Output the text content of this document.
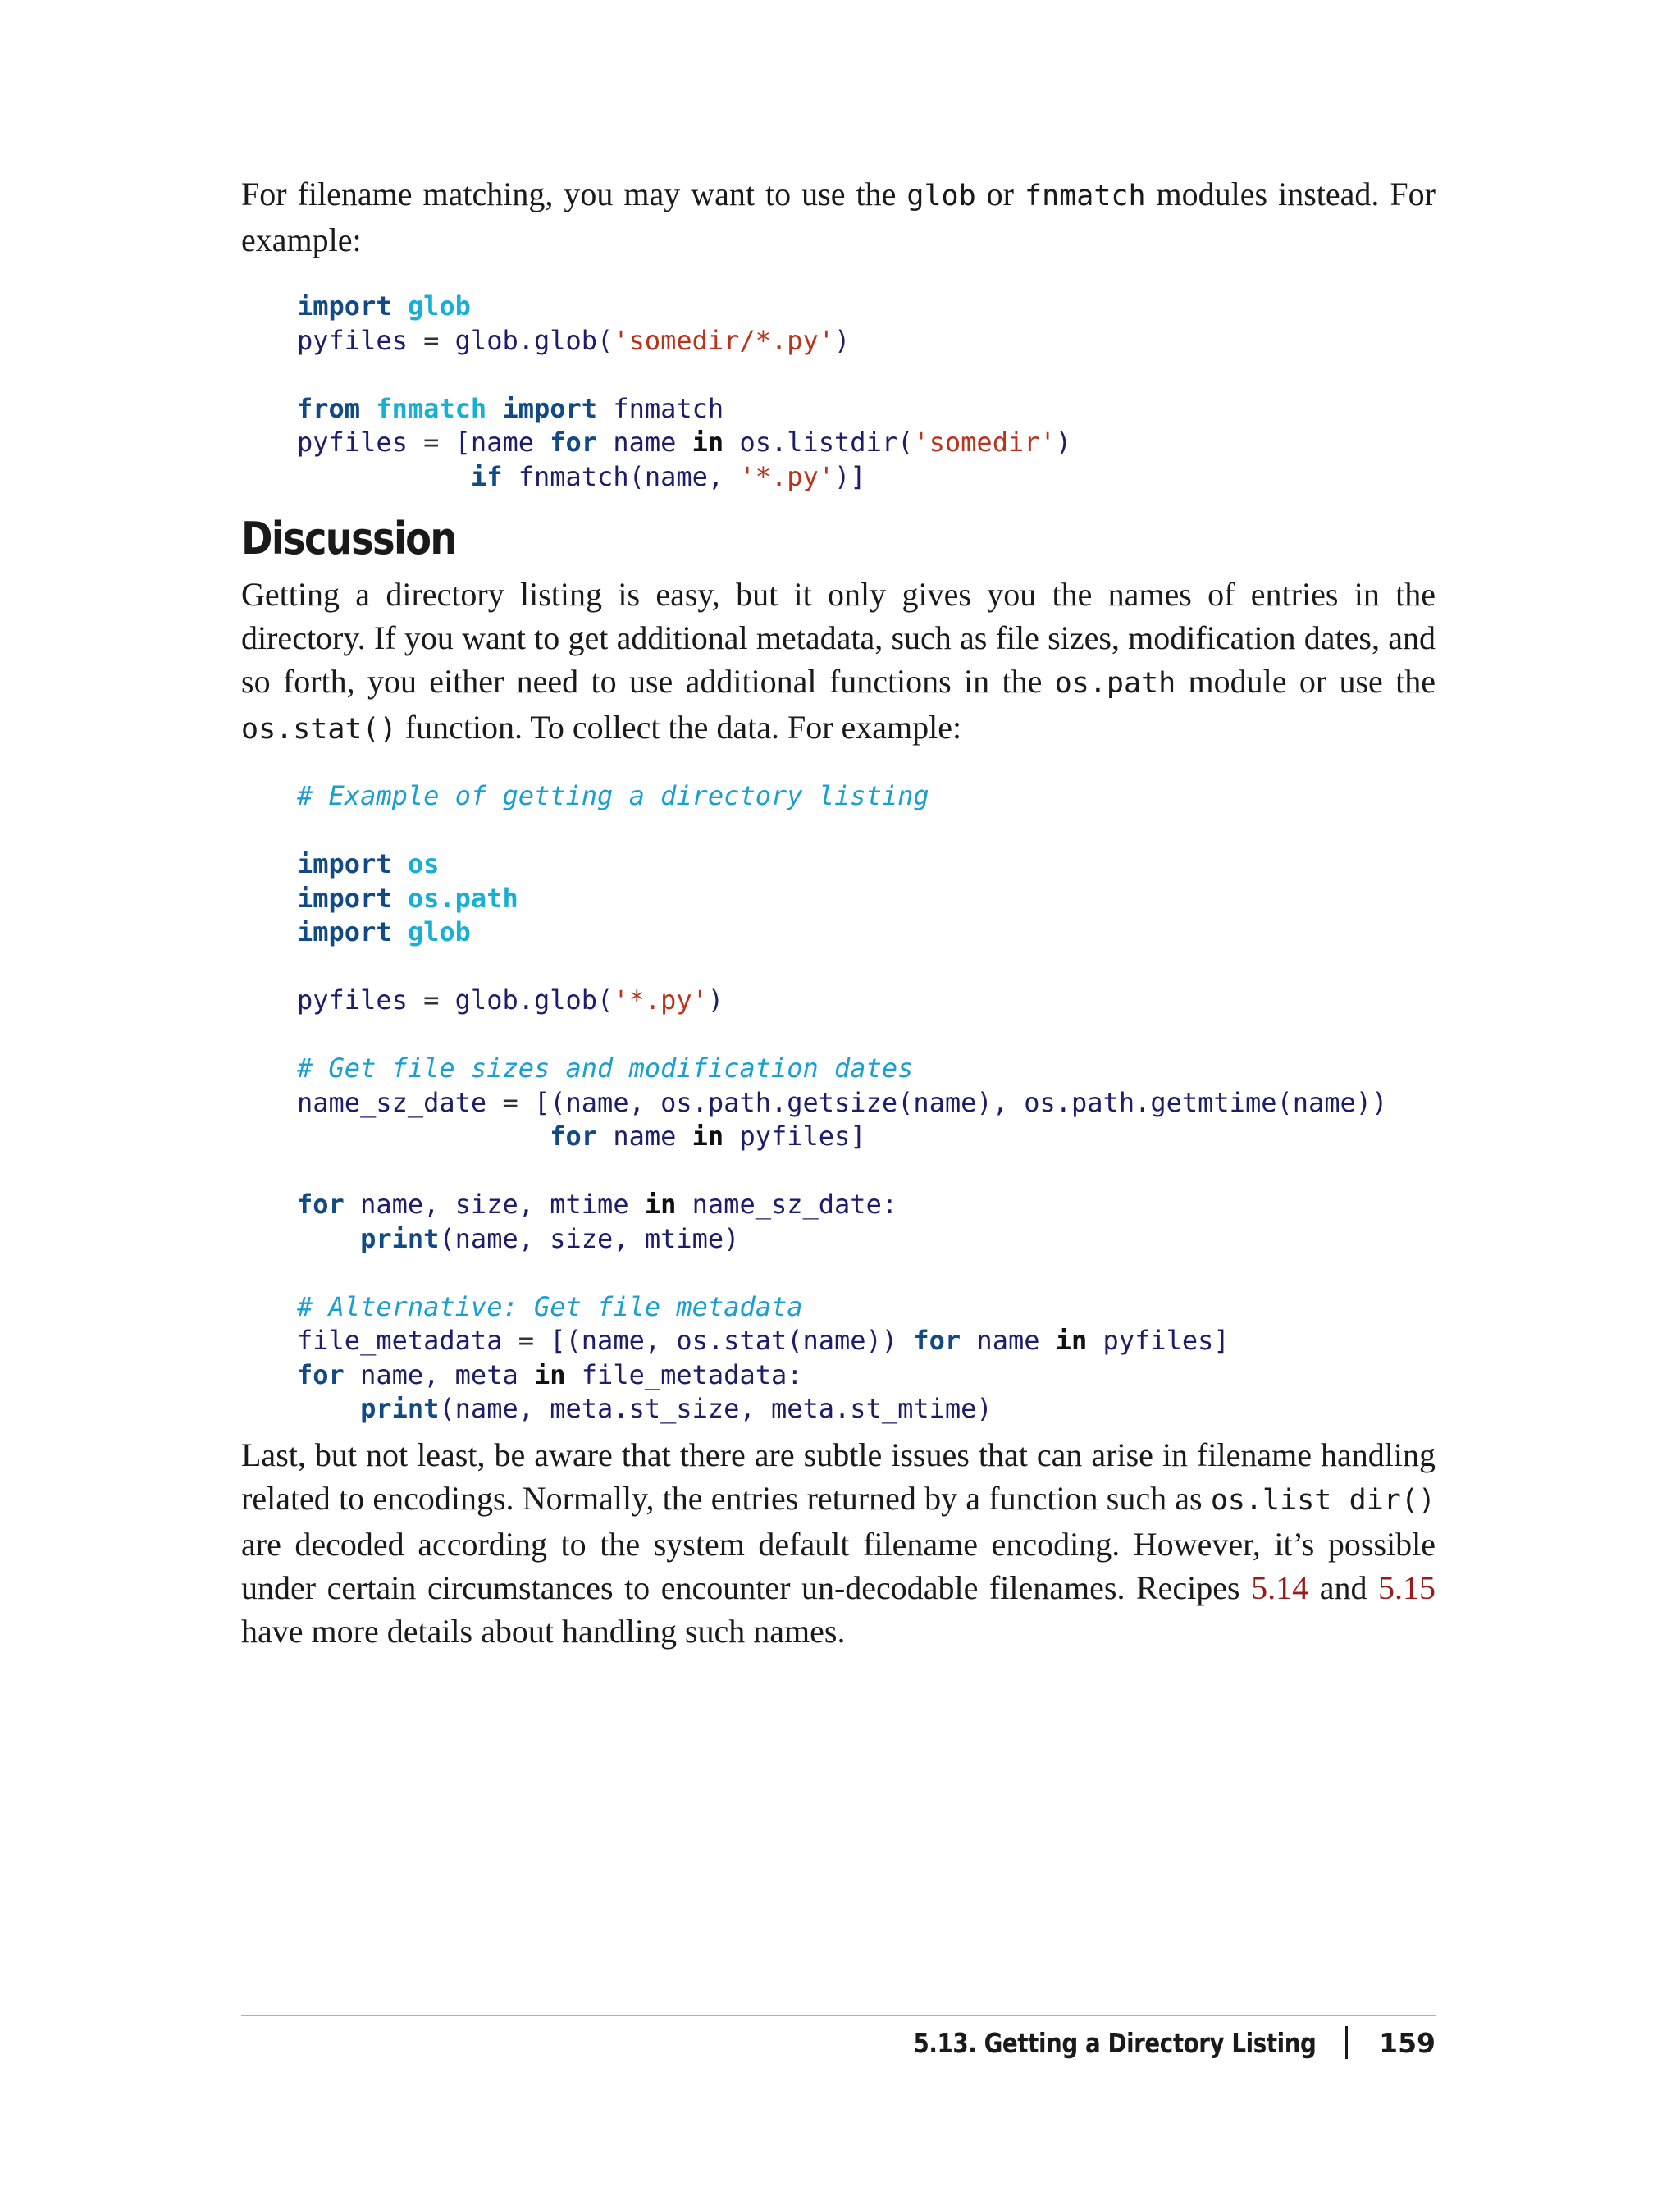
For filename matching, you may want to use the glob or fnmatch modules instead. For example:

import glob
pyfiles = glob.glob('somedir/*.py')

from fnmatch import fnmatch
pyfiles = [name for name in os.listdir('somedir')
if fnmatch(name, '*.py')]
Discussion

Getting a directory listing is easy, but it only gives you the names of entries in the directory. If you want to get additional metadata, such as file sizes, modification dates, and so forth, you either need to use additional functions in the os.path module or use the os.stat() function. To collect the data. For example:

# Example of getting a directory listing

import os
import os.path
import glob

pyfiles = glob.glob('*.py')

# Get file sizes and modification dates
name_sz_date = [(name, os.path.getsize(name), os.path.getmtime(name))
for name in pyfiles]

for name, size, mtime in name_sz_date:
print(name, size, mtime)

# Alternative: Get file metadata
file_metadata = [(name, os.stat(name)) for name in pyfiles]
for name, meta in file_metadata:
print(name, meta.st_size, meta.st_mtime)

Last, but not least, be aware that there are subtle issues that can arise in filename handling related to encodings. Normally, the entries returned by a function such as os.list dir() are decoded according to the system default filename encoding. However, it’s possible under certain circumstances to encounter un-decodable filenames. Recipes 5.14 and 5.15 have more details about handling such names.

5.13. Getting a Directory Listing 159
